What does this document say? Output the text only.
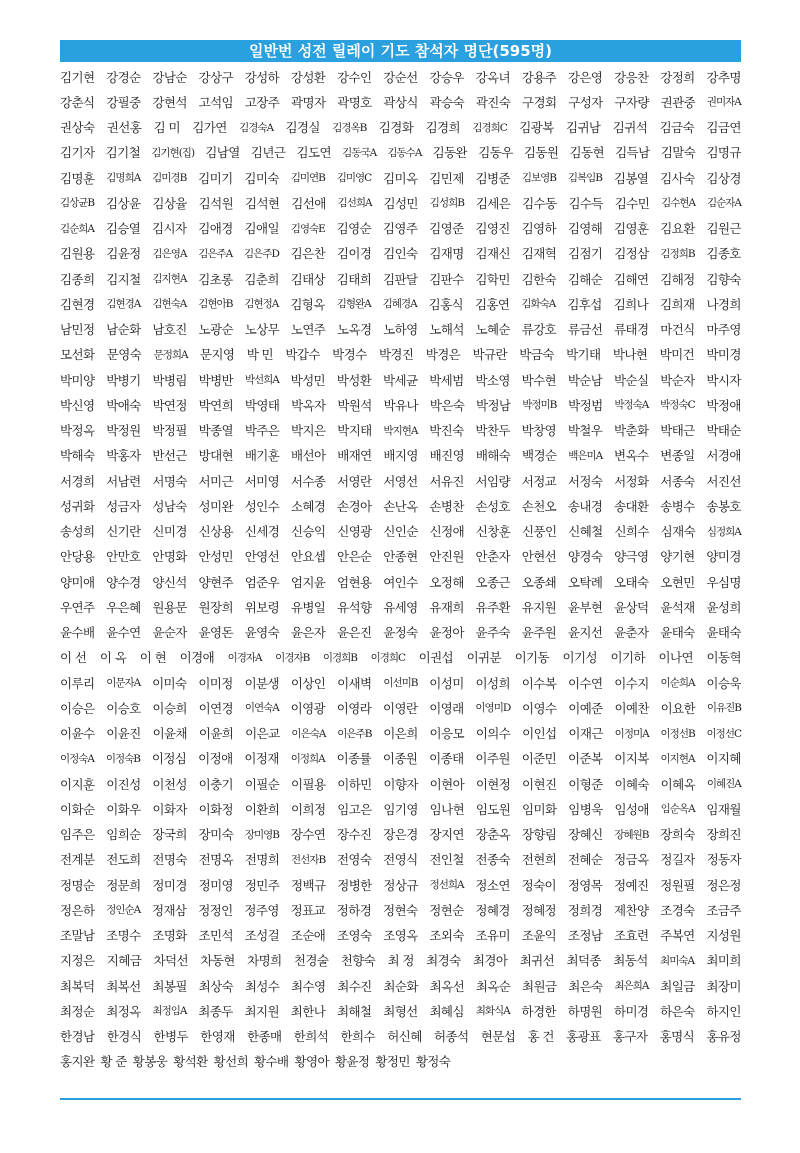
일반번 성전 릴레이 기도 참석자 명단(595명)
김기현 강경순 강남순 강상구 강성하 강성환 강수인 강순선 강승우 강옥녀 강용주 강은영 강응찬 강정희 강추명
강춘식 강필중 강현석 고석임 고장주 곽명자 곽명호 곽상식 곽승숙 곽진숙 구경회 구성자 구자량 권관중 권미자A
권상숙 권선홍 김 미 김가연 김경숙A 김경실 김경옥B 김경화 김경희 김경희C 김광복 김귀남 김귀석 김금숙 김금연
김기자 김기철 김기현(집) 김남열 김년근 김도연 김동국A 김동수A 김동완 김동우 김동원 김동현 김득남 김말숙 김명규
김명훈 김명희A 김미경B 김미기 김미숙 김미연B 김미영C 김미옥 김민제 김병준 김보영B 김복임B 김봉열 김사숙 김상경
김상균B 김상윤 김상율 김석원 김석현 김선애 김선희A 김성민 김성희B 김세은 김수동 김수득 김수민 김수현A 김순자A
김순희A 김승열 김시자 김애경 김애일 김영숙E 김영순 김영주 김영준 김영진 김영하 김영해 김영훈 김요환 김원근
김원용 김윤정 김은영A 김은주A 김은주D 김은찬 김이경 김인숙 김재명 김재신 김재혁 김점기 김정삼 김정희B 김종호
김종희 김지철 김지현A 김초롱 김춘희 김태상 김태희 김판달 김판수 김학민 김한숙 김해순 김해연 김해정 김향숙
김현경 김현경A 김현숙A 김현아B 김현정A 김형옥 김형완A 김혜경A 김홍식 김홍연 김화숙A 김후섭 김희나 김희재 나경희
남민정 남순화 남호진 노광순 노상무 노연주 노옥경 노하영 노해석 노혜순 류강호 류금선 류태경 마건식 마주영
모선화 문영숙 문정희A 문지영 박 민 박갑수 박경수 박경진 박경은 박규란 박금숙 박기태 박나현 박미건 박미경
박미양 박병기 박병림 박병반 박선희A 박성민 박성환 박세균 박세범 박소영 박수현 박순남 박순실 박순자 박시자
박신영 박애숙 박연정 박연희 박영태 박옥자 박원석 박유나 박은숙 박정남 박정미B 박정범 박정숙A 박정숙C 박정애
박정옥 박정원 박정필 박종열 박주은 박지은 박지태 박지현A 박진숙 박찬두 박창영 박철우 박춘화 박태근 박태순
박해숙 박홍자 반선근 방대현 배기훈 배선아 배재연 배지영 배진영 배해숙 백경순 백은미A 변옥수 변종일 서경애
서경희 서남련 서명숙 서미근 서미영 서수종 서영란 서영선 서유진 서임량 서정교 서정숙 서정화 서종숙 서진선
성귀화 성금자 성남숙 성미완 성인수 소혜경 손경아 손난옥 손병찬 손성호 손천오 송내경 송대환 송병수 송봉호
송성희 신기란 신미경 신상용 신세경 신승익 신영광 신인순 신정애 신창훈 신풍인 신혜철 신희수 심재숙 심정희A
안당용 안만호 안명화 안성민 안영선 안요셉 안은순 안종현 안진원 안춘자 안현선 양경숙 양극영 양기현 양미경
양미애 양수경 양신석 양현주 엄준우 엄지윤 엄현용 여인수 오정해 오종근 오종쇄 오탁례 오태숙 오현민 우심명
우연주 우은혜 원용문 원장희 위보령 유병일 유석향 유세영 유재희 유주환 유지원 윤부현 윤상덕 윤석재 윤성희
윤수배 윤수연 윤순자 윤영돈 윤영숙 윤은자 윤은진 윤정숙 윤정아 윤주숙 윤주원 윤지선 윤춘자 윤태숙 윤태숙
이 선 이 옥 이 현 이경애 이경자A 이경자B 이경희B 이경희C 이권섭 이귀분 이기동 이기성 이기하 이나연 이동혁
이루리 이문자A 이미숙 이미정 이분생 이상인 이새벽 이선미B 이성미 이성희 이수복 이수연 이수지 이순희A 이승욱
이승은 이승호 이승희 이연경 이연숙A 이영광 이영라 이영란 이영래 이영미D 이영수 이예준 이예찬 이요한 이유진B
이윤수 이윤진 이윤채 이윤희 이은교 이은숙A 이은주B 이은희 이응모 이의수 이인섭 이재근 이정미A 이정선B 이정선C
이정숙A 이정숙B 이정심 이정애 이정재 이정희A 이종률 이종원 이종태 이주원 이준민 이준복 이지복 이지현A 이지혜
이지훈 이진성 이천성 이충기 이필순 이필용 이하민 이향자 이현아 이현정 이현진 이형준 이혜숙 이혜옥 이혜진A
이화순 이화우 이화자 이화정 이환희 이희정 임고은 임기영 임나현 임도원 임미화 임병욱 임성애 임순옥A 임재월
임주은 임희순 장국희 장미숙 장미영B 장수연 장수진 장은경 장지연 장춘옥 장향림 장혜신 장혜원B 장희숙 장희진
전계분 전도희 전명숙 전명옥 전명희 전선자B 전영숙 전영식 전인철 전종숙 전현희 전혜순 정금옥 정길자 정동자
정명순 정문희 정미경 정미영 정민주 정백규 정병한 정상규 정선희A 정소연 정숙이 정영목 정예진 정원필 정은정
정은하 정인순A 정재삼 정정인 정주영 정표교 정하경 정현숙 정현순 정혜경 정혜정 정희경 제찬양 조경숙 조금주
조말남 조명수 조명화 조민석 조성걸 조순애 조영숙 조영옥 조외숙 조유미 조윤익 조정남 조효련 주복연 지성원
지정은 지혜금 차덕선 차동현 차명희 천경술 천향숙 최 정 최경숙 최경아 최귀선 최덕종 최동석 최미숙A 최미희
최복덕 최복선 최봉필 최상숙 최성수 최수영 최수진 최순화 최옥선 최옥순 최원금 최은숙 최은희A 최일금 최장미
최정순 최정옥 최정임A 최종두 최지원 최한나 최해철 최형선 최혜심 최화식A 하경한 하명원 하미경 하은숙 하지인
한경남 한경식 한병두 한영재 한종매 한희석 한희수 허신혜 허종석 현문섭 홍 건 홍광표 홍구자 홍명식 홍유정
홍지완 황 준 황봉웅 황석환 황선희 황수배 황영아 황윤정 황정민 황정숙
